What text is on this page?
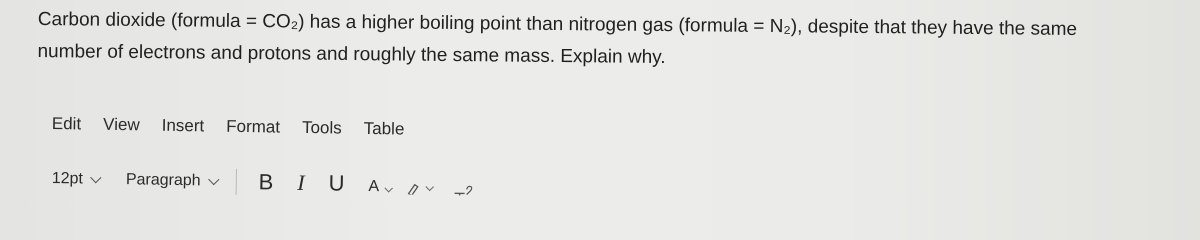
Carbon dioxide (formula = CO₂) has a higher boiling point than nitrogen gas (formula = N₂), despite that they have the same
number of electrons and protons and roughly the same mass. Explain why.
Edit View Insert Format Tools Table
12pt	Paragraph	B I U A
